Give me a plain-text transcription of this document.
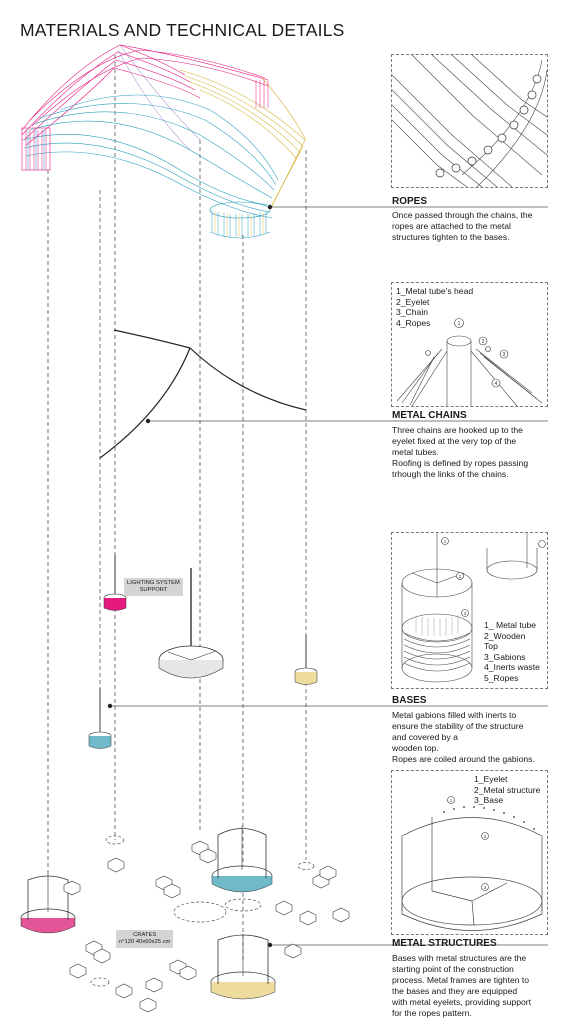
MATERIALS AND TECHNICAL DETAILS
LIGHTING SYSTEM
SUPPORT
CRATES
n°120 40x60x25 cm
ROPES
Once passed through the chains, the
ropes are attached to the metal
structures tighten to the bases.
1
2
3
4
1_Metal tube's head
2_Eyelet
3_Chain
4_Ropes
METAL CHAINS
Three chains are hooked up to the
eyelet fixed at the very top of the
metal tubes.
Roofing is defined by ropes passing
trhough the links of the chains.
1
2
3
1_ Metal tube
2_Wooden
Top
3_Gabions
4_Inerts waste
5_Ropes
BASES
Metal gabions filled with inerts to
ensure the stability of the structure
and covered by a
wooden top.
Ropes are coiled around the gabions.
1
2
3
1_Eyelet
2_Metal structure
3_Base
METAL STRUCTURES
Bases with metal structures are the
starting point of the construction
process. Metal frames are tighten to
the bases and they are equipped
with metal eyelets, providing support
for the ropes pattern.
